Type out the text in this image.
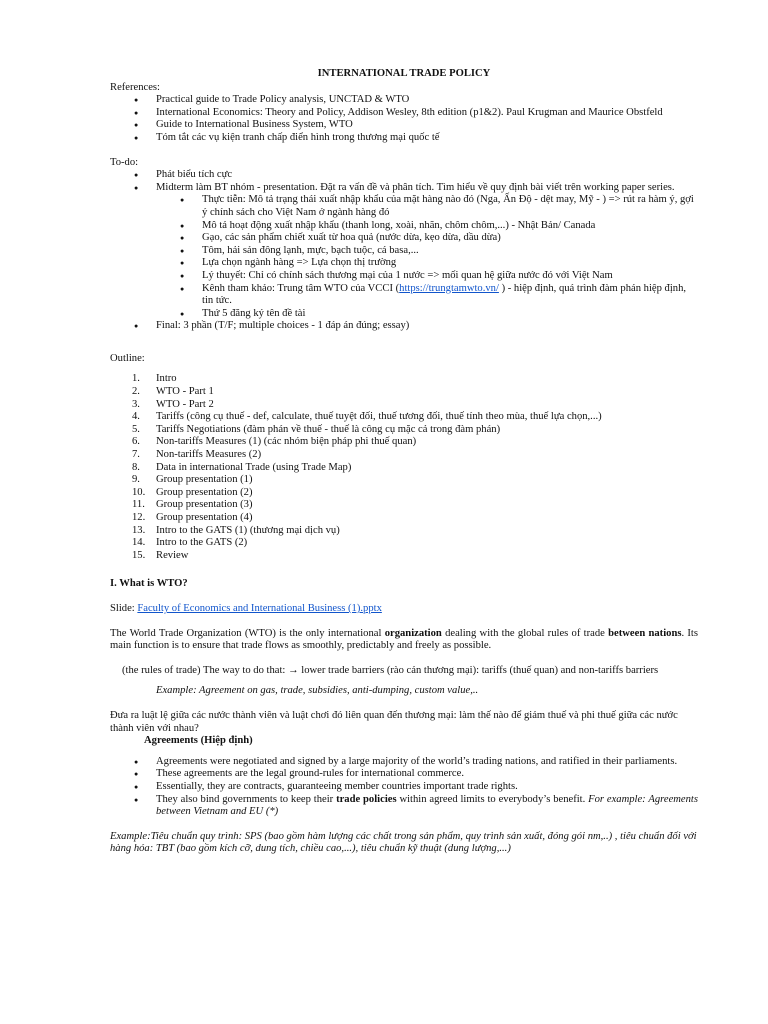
INTERNATIONAL TRADE POLICY
References:
● Practical guide to Trade Policy analysis, UNCTAD & WTO
● International Economics: Theory and Policy, Addison Wesley, 8th edition (p1&2). Paul Krugman and Maurice Obstfeld
● Guide to International Business System, WTO
● Tóm tắt các vụ kiện tranh chấp điển hình trong thương mại quốc tế
To-do:
● Phát biểu tích cực
● Midterm làm BT nhóm - presentation. Đặt ra vấn đề và phân tích. Tìm hiểu về quy định bài viết trên working paper series.
● Thực tiễn: Mô tả trạng thái xuất nhập khẩu của mặt hàng nào đó (Nga, Ấn Độ - dệt may, Mỹ - ) => rút ra hàm ý, gợi ý chính sách cho Việt Nam ở ngành hàng đó
● Mô tả hoạt động xuất nhập khẩu (thanh long, xoài, nhãn, chôm chôm,...) - Nhật Bản/ Canada
● Gạo, các sản phẩm chiết xuất từ hoa quả (nước dừa, kẹo dừa, dầu dừa)
● Tôm, hải sản đông lạnh, mực, bạch tuộc, cá basa,...
● Lựa chọn ngành hàng => Lựa chọn thị trường
● Lý thuyết: Chỉ có chính sách thương mại của 1 nước => mối quan hệ giữa nước đó với Việt Nam
● Kênh tham khảo: Trung tâm WTO của VCCI (https://trungtamwto.vn/ ) - hiệp định, quá trình đàm phán hiệp định, tin tức.
● Thứ 5 đăng ký tên đề tài
● Final: 3 phần (T/F; multiple choices - 1 đáp án đúng; essay)
Outline:
1.	Intro
2.	WTO - Part 1
3.	WTO - Part 2
4.	Tariffs (công cụ thuế - def, calculate, thuế tuyệt đối, thuế tương đối, thuế tính theo mùa, thuế lựa chọn,...)
5.	Tariffs Negotiations (đàm phán về thuế - thuế là công cụ mặc cả trong đàm phán)
6.	Non-tariffs Measures (1) (các nhóm biện pháp phi thuế quan)
7.	Non-tariffs Measures (2)
8.	Data in international Trade (using Trade Map)
9.	Group presentation (1)
10.	Group presentation (2)
11.	Group presentation (3)
12.	Group presentation (4)
13.	Intro to the GATS (1) (thương mại dịch vụ)
14.	Intro to the GATS (2)
15.	Review
I. What is WTO?
Slide: Faculty of Economics and International Business (1).pptx
The World Trade Organization (WTO) is the only international organization dealing with the global rules of trade between nations. Its main function is to ensure that trade flows as smoothly, predictably and freely as possible.
(the rules of trade) The way to do that: → lower trade barriers (rào cản thương mại): tariffs (thuế quan) and non-tariffs barriers
Example: Agreement on gas, trade, subsidies, anti-dumping, custom value,..
Đưa ra luật lệ giữa các nước thành viên và luật chơi đó liên quan đến thương mại: làm thế nào để giảm thuế và phi thuế giữa các nước thành viên với nhau?
Agreements (Hiệp định)
● Agreements were negotiated and signed by a large majority of the world’s trading nations, and ratified in their parliaments.
● These agreements are the legal ground-rules for international commerce.
● Essentially, they are contracts, guaranteeing member countries important trade rights.
● They also bind governments to keep their trade policies within agreed limits to everybody’s benefit. For example: Agreements between Vietnam and EU (*)
Example:Tiêu chuẩn quy trình: SPS (bao gồm hàm lượng các chất trong sản phẩm, quy trình sản xuất, đóng gói nm,..) , tiêu chuẩn đối với hàng hóa: TBT (bao gồm kích cỡ, dung tích, chiều cao,...), tiêu chuẩn kỹ thuật (dung lượng,...)
